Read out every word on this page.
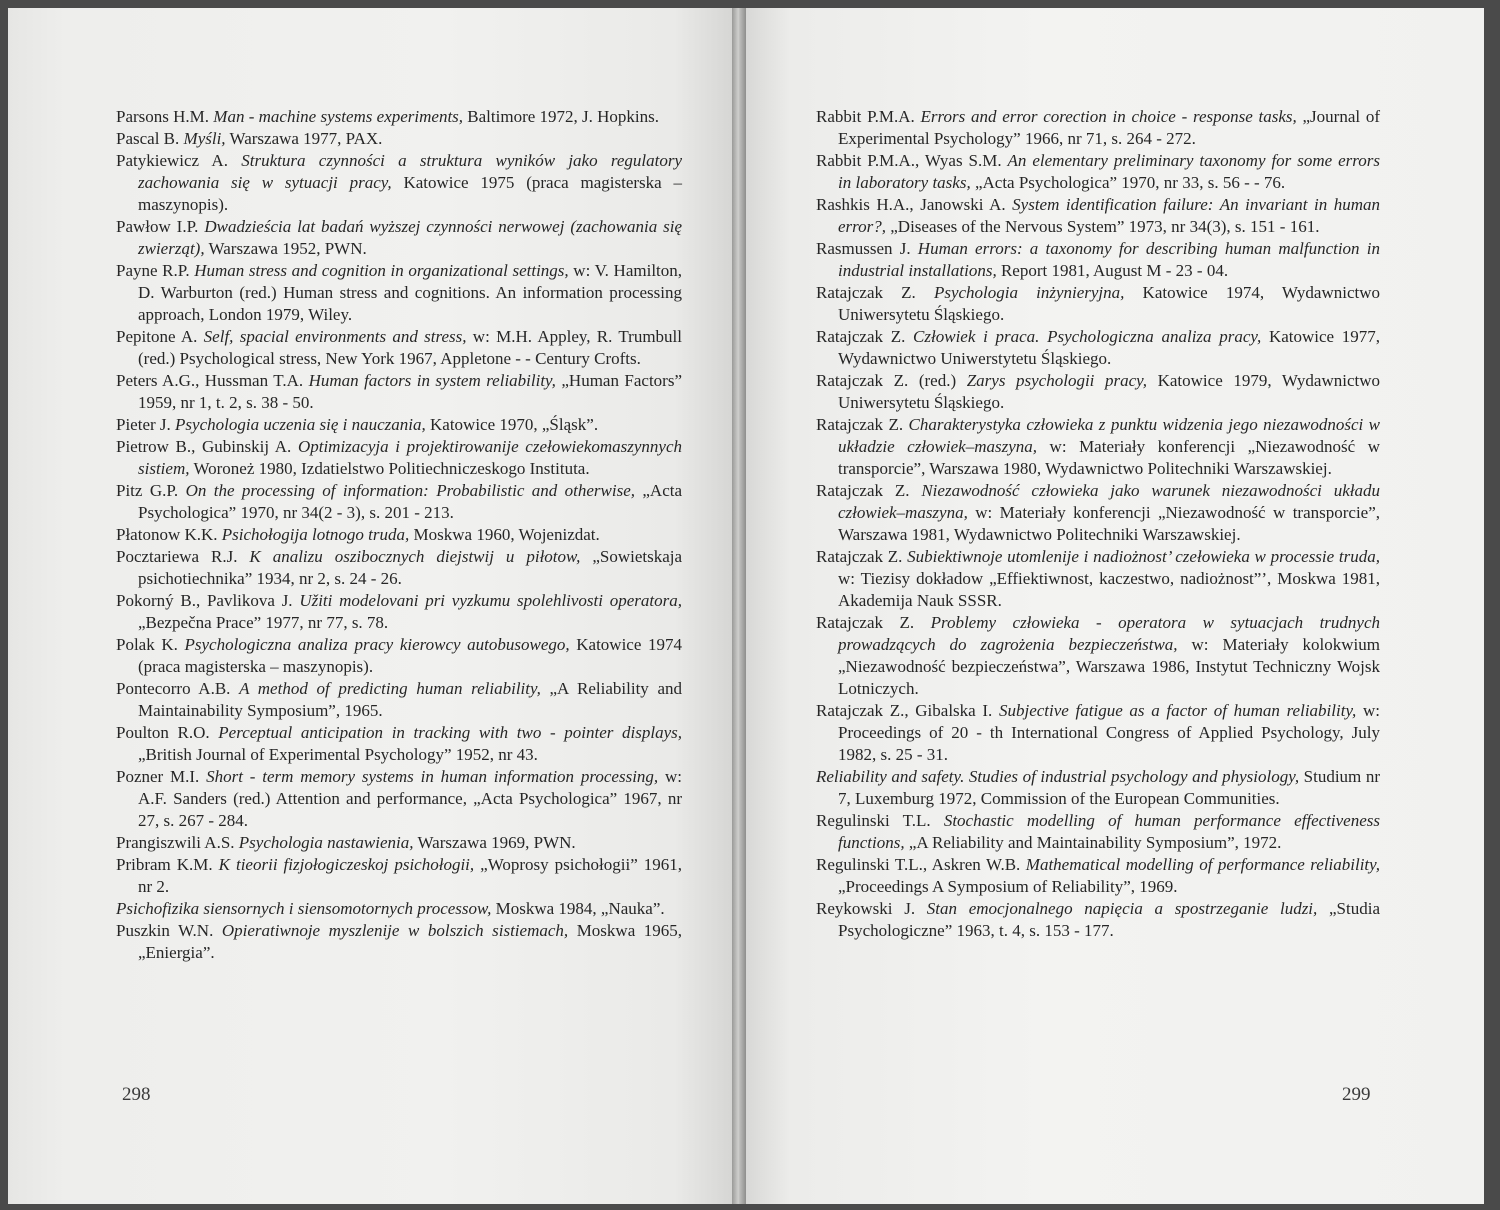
Parsons H.M. Man - machine systems experiments, Baltimore 1972, J. Hopkins.
Pascal B. Myśli, Warszawa 1977, PAX.
Patykiewicz A. Struktura czynności a struktura wyników jako regulatory zachowania się w sytuacji pracy, Katowice 1975 (praca magisterska – maszynopis).
Pawłow I.P. Dwadzieścia lat badań wyższej czynności nerwowej (zachowania się zwierząt), Warszawa 1952, PWN.
Payne R.P. Human stress and cognition in organizational settings, w: V. Hamilton, D. Warburton (red.) Human stress and cognitions. An information processing approach, London 1979, Wiley.
Pepitone A. Self, spacial environments and stress, w: M.H. Appley, R. Trumbull (red.) Psychological stress, New York 1967, Appletone - - Century Crofts.
Peters A.G., Hussman T.A. Human factors in system reliability, „Human Factors” 1959, nr 1, t. 2, s. 38 - 50.
Pieter J. Psychologia uczenia się i nauczania, Katowice 1970, „Śląsk”.
Pietrow B., Gubinskij A. Optimizacyja i projektirowanije czełowiekomaszynnych sistiem, Woroneż 1980, Izdatielstwo Politiechniczeskogo Instituta.
Pitz G.P. On the processing of information: Probabilistic and otherwise, „Acta Psychologica” 1970, nr 34(2 - 3), s. 201 - 213.
Płatonow K.K. Psichołogija lotnogo truda, Moskwa 1960, Wojenizdat.
Pocztariewa R.J. K analizu oszibocznych diejstwij u piłotow, „Sowietskaja psichotiechnika” 1934, nr 2, s. 24 - 26.
Pokorný B., Pavlikova J. Užiti modelovani pri vyzkumu spolehlivosti operatora, „Bezpečna Prace” 1977, nr 77, s. 78.
Polak K. Psychologiczna analiza pracy kierowcy autobusowego, Katowice 1974 (praca magisterska – maszynopis).
Pontecorro A.B. A method of predicting human reliability, „A Reliability and Maintainability Symposium”, 1965.
Poulton R.O. Perceptual anticipation in tracking with two - pointer displays, „British Journal of Experimental Psychology” 1952, nr 43.
Pozner M.I. Short - term memory systems in human information processing, w: A.F. Sanders (red.) Attention and performance, „Acta Psychologica” 1967, nr 27, s. 267 - 284.
Prangiszwili A.S. Psychologia nastawienia, Warszawa 1969, PWN.
Pribram K.M. K tieorii fizjołogiczeskoj psichołogii, „Woprosy psichołogii” 1961, nr 2.
Psichofizika siensornych i siensomotornych processow, Moskwa 1984, „Nauka”.
Puszkin W.N. Opieratiwnoje myszlenije w bolszich sistiemach, Moskwa 1965, „Eniergia”.
298
Rabbit P.M.A. Errors and error corection in choice - response tasks, „Journal of Experimental Psychology” 1966, nr 71, s. 264 - 272.
Rabbit P.M.A., Wyas S.M. An elementary preliminary taxonomy for some errors in laboratory tasks, „Acta Psychologica” 1970, nr 33, s. 56 - - 76.
Rashkis H.A., Janowski A. System identification failure: An invariant in human error?, „Diseases of the Nervous System” 1973, nr 34(3), s. 151 - 161.
Rasmussen J. Human errors: a taxonomy for describing human malfunction in industrial installations, Report 1981, August M - 23 - 04.
Ratajczak Z. Psychologia inżynieryjna, Katowice 1974, Wydawnictwo Uniwersytetu Śląskiego.
Ratajczak Z. Człowiek i praca. Psychologiczna analiza pracy, Katowice 1977, Wydawnictwo Uniwerstytetu Śląskiego.
Ratajczak Z. (red.) Zarys psychologii pracy, Katowice 1979, Wydawnictwo Uniwersytetu Śląskiego.
Ratajczak Z. Charakterystyka człowieka z punktu widzenia jego niezawodności w układzie człowiek–maszyna, w: Materiały konferencji „Niezawodność w transporcie”, Warszawa 1980, Wydawnictwo Politechniki Warszawskiej.
Ratajczak Z. Niezawodność człowieka jako warunek niezawodności układu człowiek–maszyna, w: Materiały konferencji „Niezawodność w transporcie”, Warszawa 1981, Wydawnictwo Politechniki Warszawskiej.
Ratajczak Z. Subiektiwnoje utomlenije i nadiożnost’ czełowieka w processie truda, w: Tiezisy dokładow „Effiektiwnost, kaczestwo, nadiożnost”’, Moskwa 1981, Akademija Nauk SSSR.
Ratajczak Z. Problemy człowieka - operatora w sytuacjach trudnych prowadzących do zagrożenia bezpieczeństwa, w: Materiały kolokwium „Niezawodność bezpieczeństwa”, Warszawa 1986, Instytut Techniczny Wojsk Lotniczych.
Ratajczak Z., Gibalska I. Subjective fatigue as a factor of human reliability, w: Proceedings of 20 - th International Congress of Applied Psychology, July 1982, s. 25 - 31.
Reliability and safety. Studies of industrial psychology and physiology, Studium nr 7, Luxemburg 1972, Commission of the European Communities.
Regulinski T.L. Stochastic modelling of human performance effectiveness functions, „A Reliability and Maintainability Symposium”, 1972.
Regulinski T.L., Askren W.B. Mathematical modelling of performance reliability, „Proceedings A Symposium of Reliability”, 1969.
Reykowski J. Stan emocjonalnego napięcia a spostrzeganie ludzi, „Studia Psychologiczne” 1963, t. 4, s. 153 - 177.
299
